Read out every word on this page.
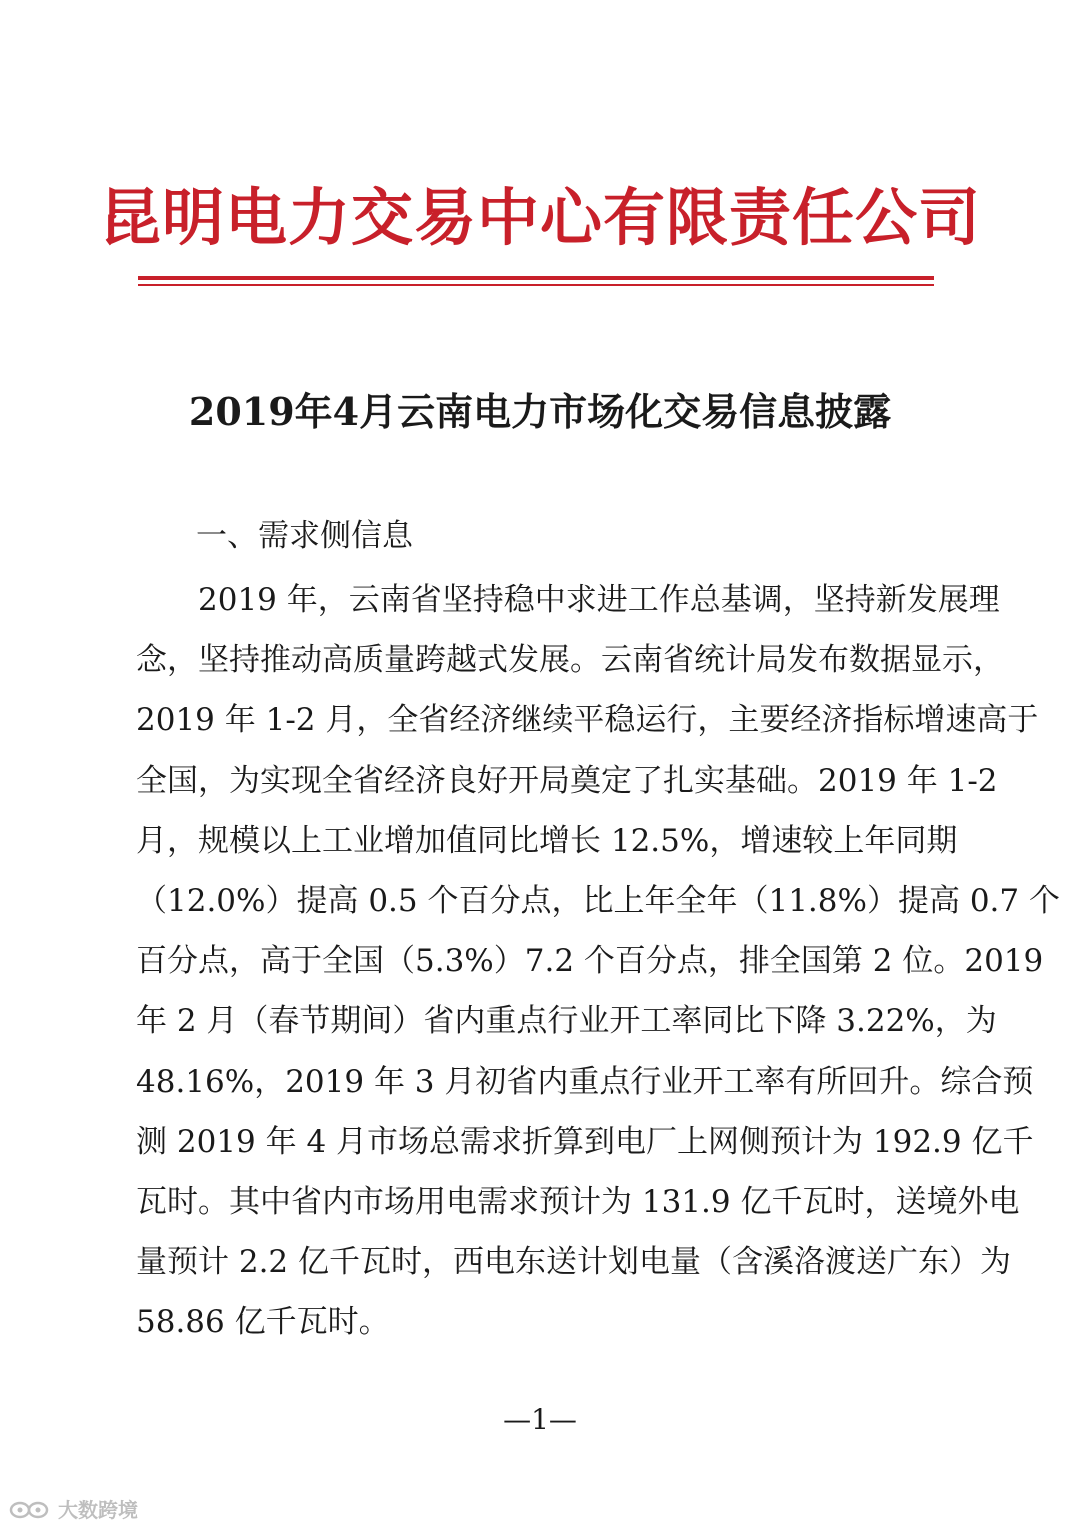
昆明电力交易中心有限责任公司
2019年4月云南电力市场化交易信息披露
一、需求侧信息
2019 年，云南省坚持稳中求进工作总基调，坚持新发展理
念，坚持推动高质量跨越式发展。云南省统计局发布数据显示，
2019 年 1-2 月，全省经济继续平稳运行，主要经济指标增速高于
全国，为实现全省经济良好开局奠定了扎实基础。2019 年 1-2
月，规模以上工业增加值同比增长 12.5%，增速较上年同期
（12.0%）提高 0.5 个百分点，比上年全年（11.8%）提高 0.7 个
百分点，高于全国（5.3%）7.2 个百分点，排全国第 2 位。2019
年 2 月（春节期间）省内重点行业开工率同比下降 3.22%，为
48.16%，2019 年 3 月初省内重点行业开工率有所回升。综合预
测 2019 年 4 月市场总需求折算到电厂上网侧预计为 192.9 亿千
瓦时。其中省内市场用电需求预计为 131.9 亿千瓦时，送境外电
量预计 2.2 亿千瓦时，西电东送计划电量（含溪洛渡送广东）为
58.86 亿千瓦时。
—1—
大数跨境
